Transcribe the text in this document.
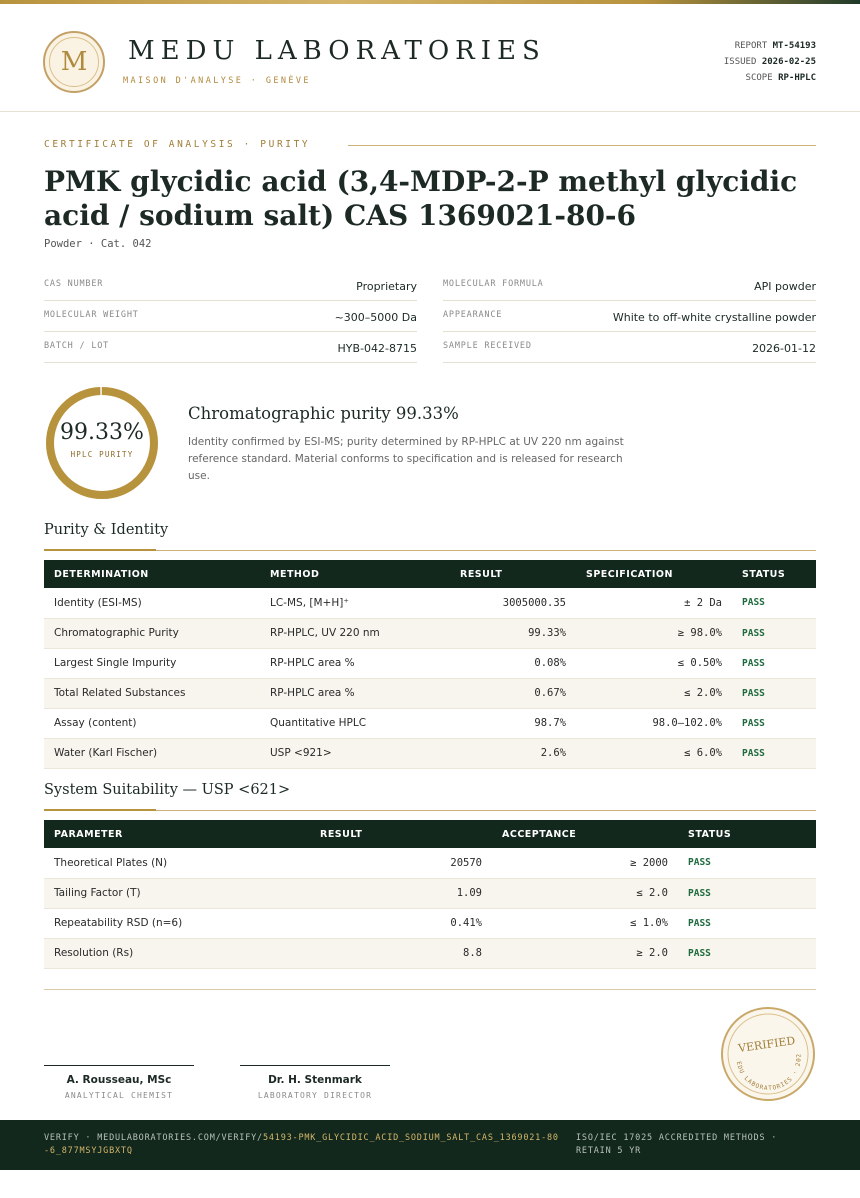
M	MEDU LABORATORIES
MAISON D'ANALYSE · GENÈVE
REPORT MT-54193
ISSUED 2026-02-25
SCOPE RP-HPLC
CERTIFICATE OF ANALYSIS · PURITY
PMK glycidic acid (3,4-MDP-2-P methyl glycidic acid / sodium salt) CAS 1369021-80-6
Powder · Cat. 042
CAS NUMBER	Proprietary
MOLECULAR WEIGHT	~300–5000 Da
BATCH / LOT	HYB-042-8715
MOLECULAR FORMULA	API powder
APPEARANCE	White to off-white crystalline powder
SAMPLE RECEIVED	2026-01-12
99.33%
HPLC PURITY
Chromatographic purity 99.33%

Identity confirmed by ESI-MS; purity determined by RP-HPLC at UV 220 nm against reference standard. Material conforms to specification and is released for research use.

Purity & Identity
DETERMINATION	METHOD	RESULT	SPECIFICATION	STATUS
Identity (ESI-MS)	LC-MS, [M+H]⁺	3005000.35	± 2 Da	PASS
Chromatographic Purity	RP-HPLC, UV 220 nm	99.33%	≥ 98.0%	PASS
Largest Single Impurity	RP-HPLC area %	0.08%	≤ 0.50%	PASS
Total Related Substances	RP-HPLC area %	0.67%	≤ 2.0%	PASS
Assay (content)	Quantitative HPLC	98.7%	98.0–102.0%	PASS
Water (Karl Fischer)	USP <921>	2.6%	≤ 6.0%	PASS
System Suitability — USP <621>
PARAMETER	RESULT	ACCEPTANCE	STATUS
Theoretical Plates (N)	20570	≥ 2000	PASS
Tailing Factor (T)	1.09	≤ 2.0	PASS
Repeatability RSD (n=6)	0.41%	≤ 1.0%	PASS
Resolution (Rs)	8.8	≥ 2.0	PASS
A. Rousseau, MSc
ANALYTICAL CHEMIST
Dr. H. Stenmark
LABORATORY DIRECTOR
VERIFIED
MEDU LABORATORIES · 2026
VERIFY · MEDULABORATORIES.COM/VERIFY/54193-PMK_GLYCIDIC_ACID_SODIUM_SALT_CAS_1369021-80-6_877MSYJGBXTQ
ISO/IEC 17025 ACCREDITED METHODS · RETAIN 5 YR
